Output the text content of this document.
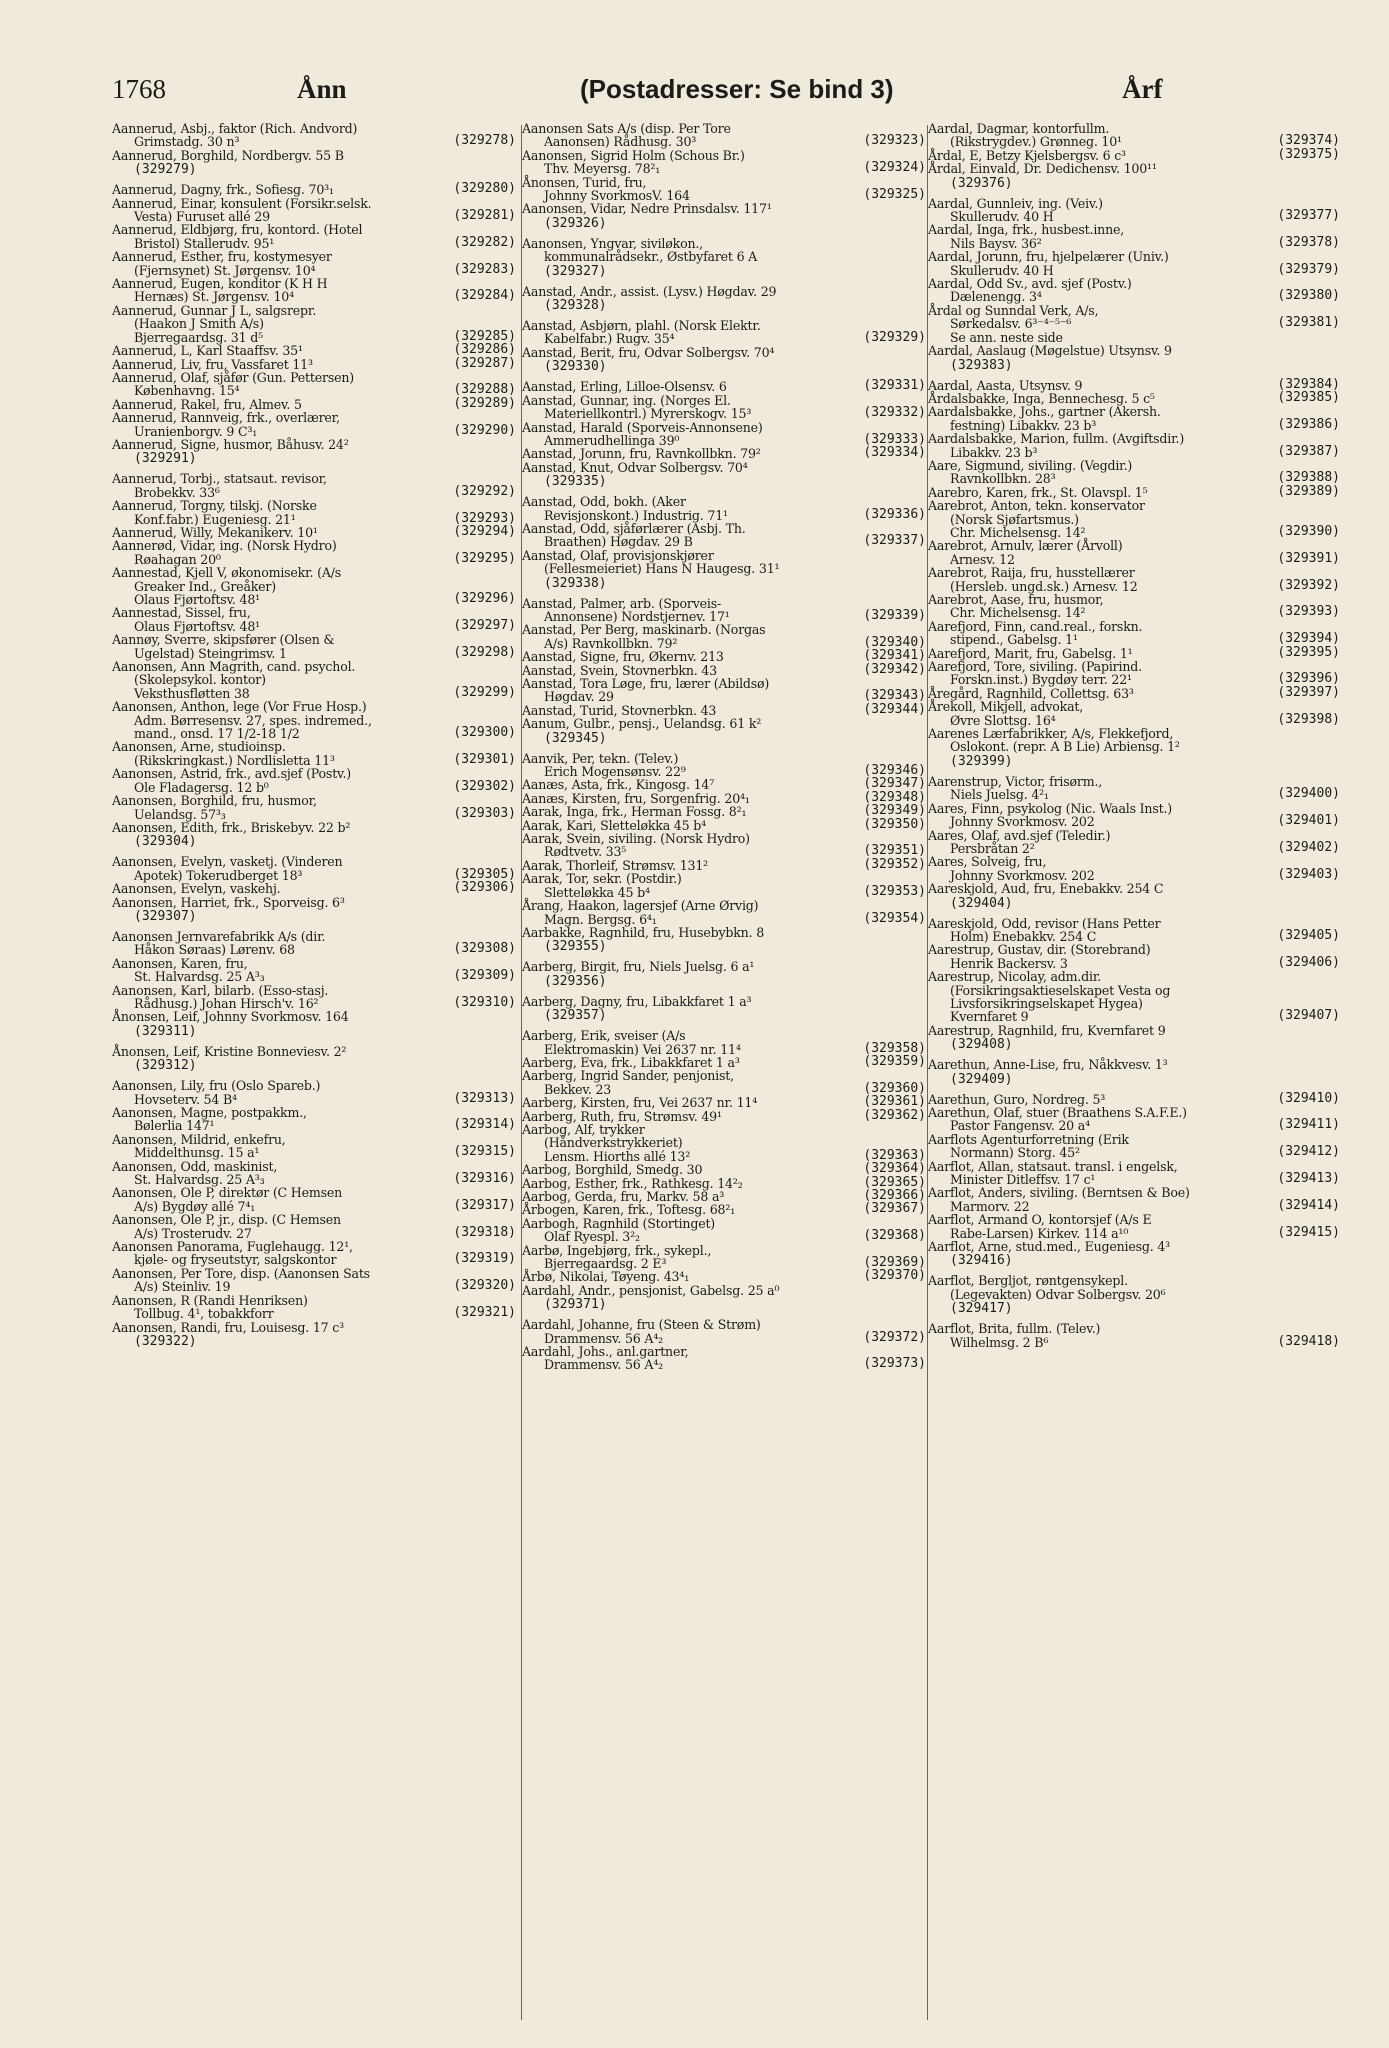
1768	Ånn	(Postadresser: Se bind 3)	Årf
Aannerud, Asbj., faktor (Rich. Andvord)
Grimstadg. 30 n³	(329278)
Aannerud, Borghild, Nordbergv. 55 B
(329279)
Aannerud, Dagny, frk., Sofiesg. 70³₁	(329280)
Aannerud, Einar, konsulent (Forsikr.selsk.
Vesta) Furuset allé 29	(329281)
Aannerud, Eldbjørg, fru, kontord. (Hotel
Bristol) Stallerudv. 95¹	(329282)
Aannerud, Esther, fru, kostymesyer
(Fjernsynet) St. Jørgensv. 10⁴	(329283)
Aannerud, Eugen, konditor (K H H
Hernæs) St. Jørgensv. 10⁴	(329284)
Aannerud, Gunnar J L, salgsrepr.
(Haakon J Smith A/s)
Bjerregaardsg. 31 d⁵	(329285)
Aannerud, L, Karl Staaffsv. 35¹	(329286)
Aannerud, Liv, fru, Vassfaret 11³	(329287)
Aannerud, Olaf, sjåfør (Gun. Pettersen)
Københavng. 15⁴	(329288)
Aannerud, Rakel, fru, Almev. 5	(329289)
Aannerud, Rannveig, frk., overlærer,
Uranienborgv. 9 C³₁	(329290)
Aannerud, Signe, husmor, Båhusv. 24²
(329291)
Aannerud, Torbj., statsaut. revisor,
Brobekkv. 33⁶	(329292)
Aannerud, Torgny, tilskj. (Norske
Konf.fabr.) Eugeniesg. 21¹	(329293)
Aannerud, Willy, Mekanikerv. 10¹	(329294)
Aannerød, Vidar, ing. (Norsk Hydro)
Røahagan 20⁰	(329295)
Aannestad, Kjell V, økonomisekr. (A/s
Greaker Ind., Greåker)
Olaus Fjørtoftsv. 48¹	(329296)
Aannestad, Sissel, fru,
Olaus Fjørtoftsv. 48¹	(329297)
Aannøy, Sverre, skipsfører (Olsen &
Ugelstad) Steingrimsv. 1	(329298)
Aanonsen, Ann Magrith, cand. psychol.
(Skolepsykol. kontor)
Veksthusfløtten 38	(329299)
Aanonsen, Anthon, lege (Vor Frue Hosp.)
Adm. Børresensv. 27, spes. indremed.,
mand., onsd. 17 1/2-18 1/2	(329300)
Aanonsen, Arne, studioinsp.
(Rikskringkast.) Nordlisletta 11³	(329301)
Aanonsen, Astrid, frk., avd.sjef (Postv.)
Ole Fladagersg. 12 b⁰	(329302)
Aanonsen, Borghild, fru, husmor,
Uelandsg. 57³₃	(329303)
Aanonsen, Edith, frk., Briskebyv. 22 b²
(329304)
Aanonsen, Evelyn, vasketj. (Vinderen
Apotek) Tokerudberget 18³	(329305)
Aanonsen, Evelyn, vaskehj.	(329306)
Aanonsen, Harriet, frk., Sporveisg. 6³
(329307)
Aanonsen Jernvarefabrikk A/s (dir.
Håkon Søraas) Lørenv. 68	(329308)
Aanonsen, Karen, fru,
St. Halvardsg. 25 A³₃	(329309)
Aanonsen, Karl, bilarb. (Esso-stasj.
Rådhusg.) Johan Hirsch'v. 16²	(329310)
Ånonsen, Leif, Johnny Svorkmosv. 164
(329311)
Ånonsen, Leif, Kristine Bonneviesv. 2²
(329312)
Aanonsen, Lily, fru (Oslo Spareb.)
Hovseterv. 54 B⁴	(329313)
Aanonsen, Magne, postpakkm.,
Bølerlia 147¹	(329314)
Aanonsen, Mildrid, enkefru,
Middelthunsg. 15 a¹	(329315)
Aanonsen, Odd, maskinist,
St. Halvardsg. 25 A³₃	(329316)
Aanonsen, Ole P, direktør (C Hemsen
A/s) Bygdøy allé 7⁴₁	(329317)
Aanonsen, Ole P, jr., disp. (C Hemsen
A/s) Trosterudv. 27	(329318)
Aanonsen Panorama, Fuglehaugg. 12¹,
kjøle- og fryseutstyr, salgskontor	(329319)
Aanonsen, Per Tore, disp. (Aanonsen Sats
A/s) Steinliv. 19	(329320)
Aanonsen, R (Randi Henriksen)
Tollbug. 4¹, tobakkforr	(329321)
Aanonsen, Randi, fru, Louisesg. 17 c³
(329322)
Aanonsen Sats A/s (disp. Per Tore
Aanonsen) Rådhusg. 30³	(329323)
Aanonsen, Sigrid Holm (Schous Br.)
Thv. Meyersg. 78²₁	(329324)
Ånonsen, Turid, fru,
Johnny SvorkmosV. 164	(329325)
Aanonsen, Vidar, Nedre Prinsdalsv. 117¹
(329326)
Aanonsen, Yngvar, siviløkon.,
kommunalrådsekr., Østbyfaret 6 A
(329327)
Aanstad, Andr., assist. (Lysv.) Høgdav. 29
(329328)
Aanstad, Asbjørn, plahl. (Norsk Elektr.
Kabelfabr.) Rugv. 35⁴	(329329)
Aanstad, Berit, fru, Odvar Solbergsv. 70⁴
(329330)
Aanstad, Erling, Lilloe-Olsensv. 6	(329331)
Aanstad, Gunnar, ing. (Norges El.
Materiellkontrl.) Myrerskogv. 15³	(329332)
Aanstad, Harald (Sporveis-Annonsene)
Ammerudhellinga 39⁰	(329333)
Aanstad, Jorunn, fru, Ravnkollbkn. 79²	(329334)
Aanstad, Knut, Odvar Solbergsv. 70⁴
(329335)
Aanstad, Odd, bokh. (Aker
Revisjonskont.) Industrig. 71¹	(329336)
Aanstad, Odd, sjåførlærer (Asbj. Th.
Braathen) Høgdav. 29 B	(329337)
Aanstad, Olaf, provisjonskjører
(Fellesmeieriet) Hans N Haugesg. 31¹
(329338)
Aanstad, Palmer, arb. (Sporveis-
Annonsene) Nordstjernev. 17¹	(329339)
Aanstad, Per Berg, maskinarb. (Norgas
A/s) Ravnkollbkn. 79²	(329340)
Aanstad, Signe, fru, Økernv. 213	(329341)
Aanstad, Svein, Stovnerbkn. 43	(329342)
Aanstad, Tora Løge, fru, lærer (Abildsø)
Høgdav. 29	(329343)
Aanstad, Turid, Stovnerbkn. 43	(329344)
Aanum, Gulbr., pensj., Uelandsg. 61 k²
(329345)
Aanvik, Per, tekn. (Telev.)
Erich Mogensønsv. 22⁹	(329346)
Aanæs, Asta, frk., Kingosg. 14⁷	(329347)
Aanæs, Kirsten, fru, Sorgenfrig. 20⁴₁	(329348)
Aarak, Inga, frk., Herman Fossg. 8²₁	(329349)
Aarak, Kari, Sletteløkka 45 b⁴	(329350)
Aarak, Svein, siviling. (Norsk Hydro)
Rødtvetv. 33⁵	(329351)
Aarak, Thorleif, Strømsv. 131²	(329352)
Aarak, Tor, sekr. (Postdir.)
Sletteløkka 45 b⁴	(329353)
Årang, Haakon, lagersjef (Arne Ørvig)
Magn. Bergsg. 6⁴₁	(329354)
Aarbakke, Ragnhild, fru, Husebybkn. 8
(329355)
Aarberg, Birgit, fru, Niels Juelsg. 6 a¹
(329356)
Aarberg, Dagny, fru, Libakkfaret 1 a³
(329357)
Aarberg, Erik, sveiser (A/s
Elektromaskin) Vei 2637 nr. 11⁴	(329358)
Aarberg, Eva, frk., Libakkfaret 1 a³	(329359)
Aarberg, Ingrid Sander, penjonist,
Bekkev. 23	(329360)
Aarberg, Kirsten, fru, Vei 2637 nr. 11⁴	(329361)
Aarberg, Ruth, fru, Strømsv. 49¹	(329362)
Aarbog, Alf, trykker
(Håndverkstrykkeriet)
Lensm. Hiorths allé 13²	(329363)
Aarbog, Borghild, Smedg. 30	(329364)
Aarbog, Esther, frk., Rathkesg. 14²₂	(329365)
Aarbog, Gerda, fru, Markv. 58 a³	(329366)
Årbogen, Karen, frk., Toftesg. 68²₁	(329367)
Aarbogh, Ragnhild (Stortinget)
Olaf Ryespl. 3²₂	(329368)
Aarbø, Ingebjørg, frk., sykepl.,
Bjerregaardsg. 2 E³	(329369)
Årbø, Nikolai, Tøyeng. 43⁴₁	(329370)
Aardahl, Andr., pensjonist, Gabelsg. 25 a⁰
(329371)
Aardahl, Johanne, fru (Steen & Strøm)
Drammensv. 56 A⁴₂	(329372)
Aardahl, Johs., anl.gartner,
Drammensv. 56 A⁴₂	(329373)
Aardal, Dagmar, kontorfullm.
(Rikstrygdev.) Grønneg. 10¹	(329374)
Årdal, E, Betzy Kjelsbergsv. 6 c³	(329375)
Årdal, Einvald, Dr. Dedichensv. 100¹¹
(329376)
Aardal, Gunnleiv, ing. (Veiv.)
Skullerudv. 40 H	(329377)
Aardal, Inga, frk., husbest.inne,
Nils Baysv. 36²	(329378)
Aardal, Jorunn, fru, hjelpelærer (Univ.)
Skullerudv. 40 H	(329379)
Aardal, Odd Sv., avd. sjef (Postv.)
Dælenengg. 3⁴	(329380)
Årdal og Sunndal Verk, A/s,
Sørkedalsv. 6³⁻⁴⁻⁵⁻⁶	(329381)
Se ann. neste side
Aardal, Aaslaug (Møgelstue) Utsynsv. 9
(329383)
Aardal, Aasta, Utsynsv. 9	(329384)
Årdalsbakke, Inga, Bennechesg. 5 c⁵	(329385)
Aardalsbakke, Johs., gartner (Akersh.
festning) Libakkv. 23 b³	(329386)
Aardalsbakke, Marion, fullm. (Avgiftsdir.)
Libakkv. 23 b³	(329387)
Aare, Sigmund, siviling. (Vegdir.)
Ravnkollbkn. 28³	(329388)
Aarebro, Karen, frk., St. Olavspl. 1⁵	(329389)
Aarebrot, Anton, tekn. konservator
(Norsk Sjøfartsmus.)
Chr. Michelsensg. 14²	(329390)
Aarebrot, Arnulv, lærer (Årvoll)
Arnesv. 12	(329391)
Aarebrot, Raija, fru, husstellærer
(Hersleb. ungd.sk.) Arnesv. 12	(329392)
Aarebrot, Aase, fru, husmor,
Chr. Michelsensg. 14²	(329393)
Aarefjord, Finn, cand.real., forskn.
stipend., Gabelsg. 1¹	(329394)
Aarefjord, Marit, fru, Gabelsg. 1¹	(329395)
Aarefjord, Tore, siviling. (Papirind.
Forskn.inst.) Bygdøy terr. 22¹	(329396)
Åregård, Ragnhild, Collettsg. 63³	(329397)
Årekoll, Mikjell, advokat,
Øvre Slottsg. 16⁴	(329398)
Aarenes Lærfabrikker, A/s, Flekkefjord,
Oslokont. (repr. A B Lie) Arbiensg. 1²
(329399)
Aarenstrup, Victor, frisørm.,
Niels Juelsg. 4²₁	(329400)
Aares, Finn, psykolog (Nic. Waals Inst.)
Johnny Svorkmosv. 202	(329401)
Aares, Olaf, avd.sjef (Teledir.)
Persbråtan 2²	(329402)
Aares, Solveig, fru,
Johnny Svorkmosv. 202	(329403)
Aareskjold, Aud, fru, Enebakkv. 254 C
(329404)
Aareskjold, Odd, revisor (Hans Petter
Holm) Enebakkv. 254 C	(329405)
Aarestrup, Gustav, dir. (Storebrand)
Henrik Backersv. 3	(329406)
Aarestrup, Nicolay, adm.dir.
(Forsikringsaktieselskapet Vesta og
Livsforsikringselskapet Hygea)
Kvernfaret 9	(329407)
Aarestrup, Ragnhild, fru, Kvernfaret 9
(329408)
Aarethun, Anne-Lise, fru, Nåkkvesv. 1³
(329409)
Aarethun, Guro, Nordreg. 5³	(329410)
Aarethun, Olaf, stuer (Braathens S.A.F.E.)
Pastor Fangensv. 20 a⁴	(329411)
Aarflots Agenturforretning (Erik
Normann) Storg. 45²	(329412)
Aarflot, Allan, statsaut. transl. i engelsk,
Minister Ditleffsv. 17 c¹	(329413)
Aarflot, Anders, siviling. (Berntsen & Boe)
Marmorv. 22	(329414)
Aarflot, Armand O, kontorsjef (A/s E
Rabe-Larsen) Kirkev. 114 a¹⁰	(329415)
Aarflot, Arne, stud.med., Eugeniesg. 4³
(329416)
Aarflot, Bergljot, røntgensykepl.
(Legevakten) Odvar Solbergsv. 20⁶
(329417)
Aarflot, Brita, fullm. (Telev.)
Wilhelmsg. 2 B⁶	(329418)
